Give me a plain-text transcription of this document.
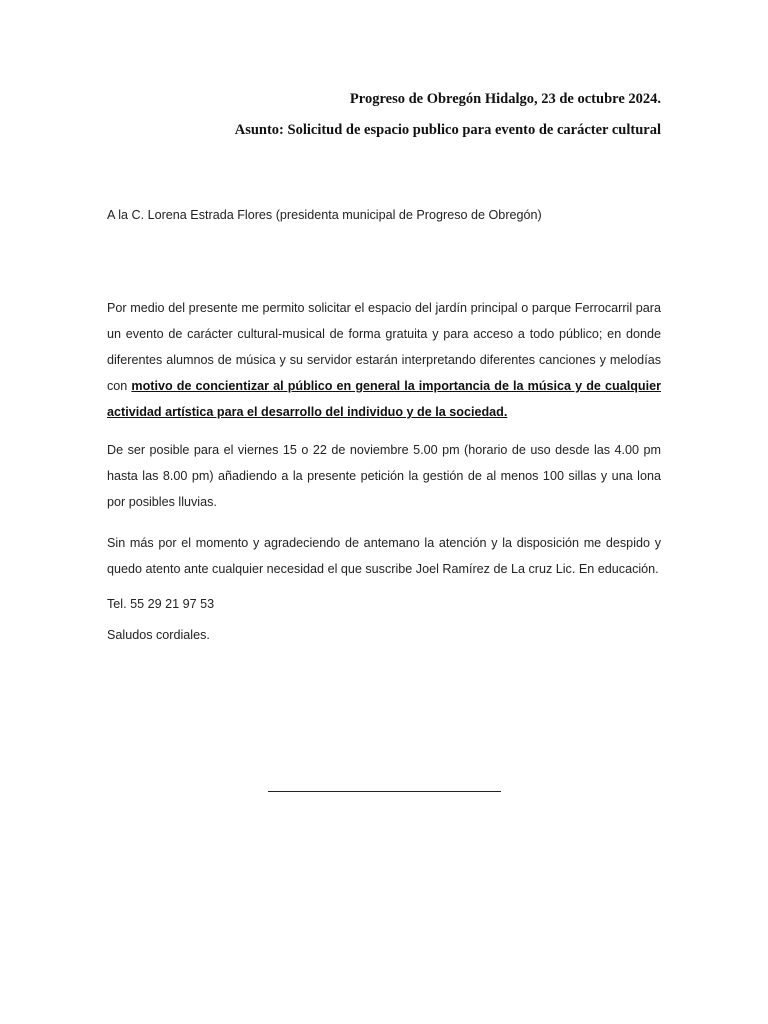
Progreso de Obregón Hidalgo, 23 de octubre 2024.
Asunto: Solicitud de espacio publico para evento de carácter cultural
A la C. Lorena Estrada Flores (presidenta municipal de Progreso de Obregón)

Por medio del presente me permito solicitar el espacio del jardín principal o parque Ferrocarril para un evento de carácter cultural-musical de forma gratuita y para acceso a todo público; en donde diferentes alumnos de música y su servidor estarán interpretando diferentes canciones y melodías con motivo de concientizar al público en general la importancia de la música y de cualquier actividad artística para el desarrollo del individuo y de la sociedad.

De ser posible para el viernes 15 o 22 de noviembre 5.00 pm (horario de uso desde las 4.00 pm hasta las 8.00 pm) añadiendo a la presente petición la gestión de al menos 100 sillas y una lona por posibles lluvias.

Sin más por el momento y agradeciendo de antemano la atención y la disposición me despido y quedo atento ante cualquier necesidad el que suscribe Joel Ramírez de La cruz Lic. En educación.

Tel. 55 29 21 97 53

Saludos cordiales.
